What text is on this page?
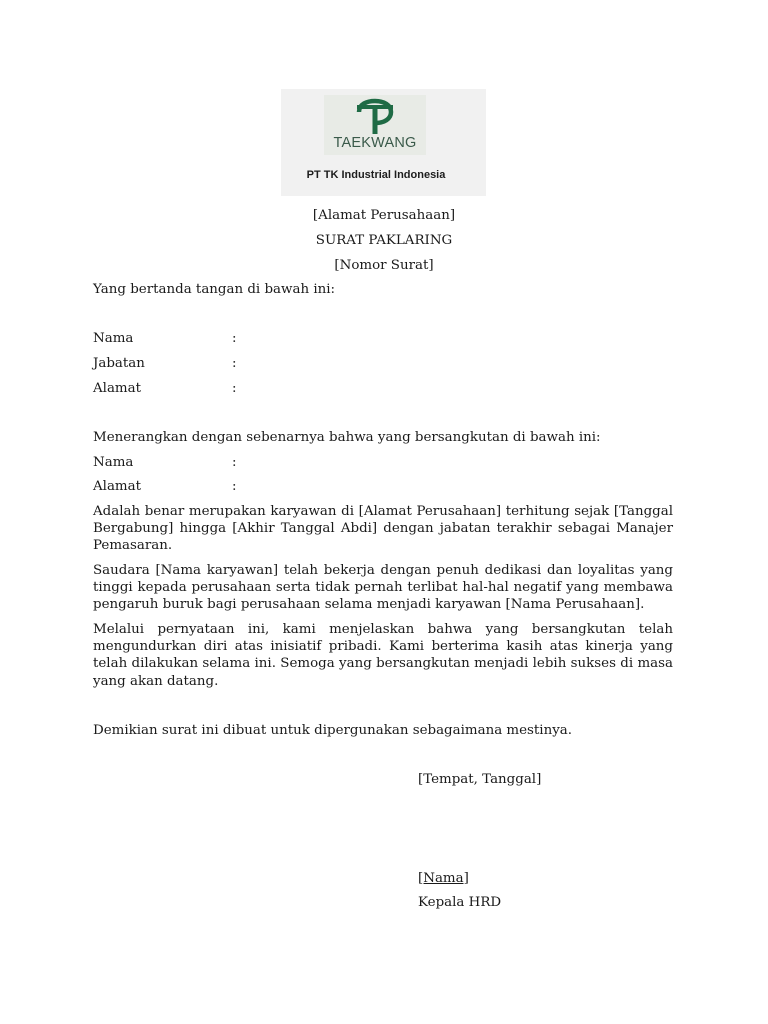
TAEKWANG
PT TK Industrial Indonesia
[Alamat Perusahaan]
SURAT PAKLARING
[Nomor Surat]
Yang bertanda tangan di bawah ini:
Nama	:
Jabatan	:
Alamat	:
Menerangkan dengan sebenarnya bahwa yang bersangkutan di bawah ini:
Nama	:
Alamat	:
Adalah benar merupakan karyawan di [Alamat Perusahaan] terhitung sejak [Tanggal Bergabung] hingga [Akhir Tanggal Abdi] dengan jabatan terakhir sebagai Manajer Pemasaran.
Saudara [Nama karyawan] telah bekerja dengan penuh dedikasi dan loyalitas yang tinggi kepada perusahaan serta tidak pernah terlibat hal-hal negatif yang membawa pengaruh buruk bagi perusahaan selama menjadi karyawan [Nama Perusahaan].
Melalui pernyataan ini, kami menjelaskan bahwa yang bersangkutan telah mengundurkan diri atas inisiatif pribadi. Kami berterima kasih atas kinerja yang telah dilakukan selama ini. Semoga yang bersangkutan menjadi lebih sukses di masa yang akan datang.
Demikian surat ini dibuat untuk dipergunakan sebagaimana mestinya.
[Tempat, Tanggal]
[Nama]
Kepala HRD
